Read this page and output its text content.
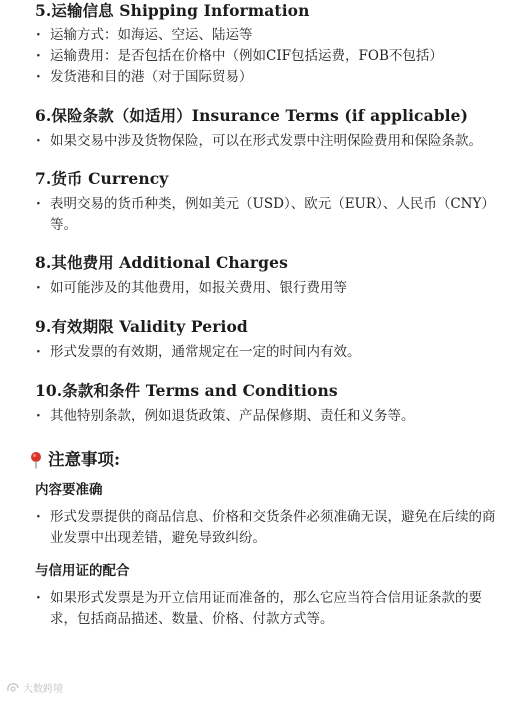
5.运输信息 Shipping Information
· 运输方式：如海运、空运、陆运等
· 运输费用：是否包括在价格中（例如CIF包括运费，FOB不包括）
· 发货港和目的港（对于国际贸易）
6.保险条款（如适用）Insurance Terms (if applicable)
· 如果交易中涉及货物保险，可以在形式发票中注明保险费用和保险条款。
7.货币 Currency
· 表明交易的货币种类，例如美元（USD）、欧元（EUR）、人民币（CNY）等。
8.其他费用 Additional Charges
· 如可能涉及的其他费用，如报关费用、银行费用等
9.有效期限 Validity Period
· 形式发票的有效期，通常规定在一定的时间内有效。
10.条款和条件 Terms and Conditions
· 其他特别条款，例如退货政策、产品保修期、责任和义务等。
注意事项:
内容要准确
· 形式发票提供的商品信息、价格和交货条件必须准确无误，避免在后续的商业发票中出现差错，避免导致纠纷。
与信用证的配合
· 如果形式发票是为开立信用证而准备的，那么它应当符合信用证条款的要求，包括商品描述、数量、价格、付款方式等。
大数跨境
